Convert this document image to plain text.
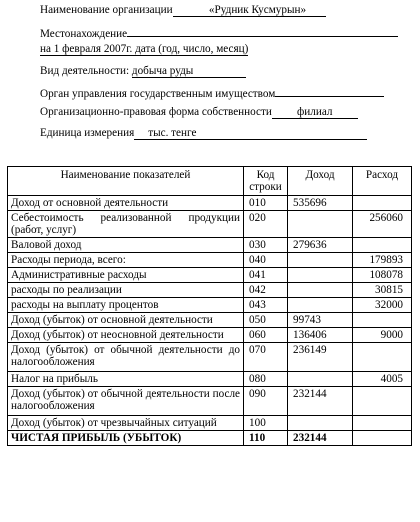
Наименование организации	«Рудник Кусмурын»
Местонахождение
на 1 февраля 2007г. дата (год, число, месяц)
Вид деятельности: добыча руды
Орган управления государственным имуществом
Организационно-правовая форма собственности филиал
Единица измерения тыс. тенге
Наименование показателей	Код строки	Доход	Расход
Доход от основной деятельности	010	535696	
Себестоимость реализованной продукции (работ, услуг)	020		256060
Валовой доход	030	279636	
Расходы периода, всего:	040		179893
Административные расходы	041		108078
расходы по реализации	042		30815
расходы на выплату процентов	043		32000
Доход (убыток) от основной деятельности	050	99743	
Доход (убыток) от неосновной деятельности	060	136406	9000
Доход (убыток) от обычной деятельности до налогообложения	070	236149	
Налог на прибыль	080		4005
Доход (убыток) от обычной деятельности после налогообложения	090	232144	
Доход (убыток) от чрезвычайных ситуаций	100		
ЧИСТАЯ ПРИБЫЛЬ (УБЫТОК)	110	232144	
